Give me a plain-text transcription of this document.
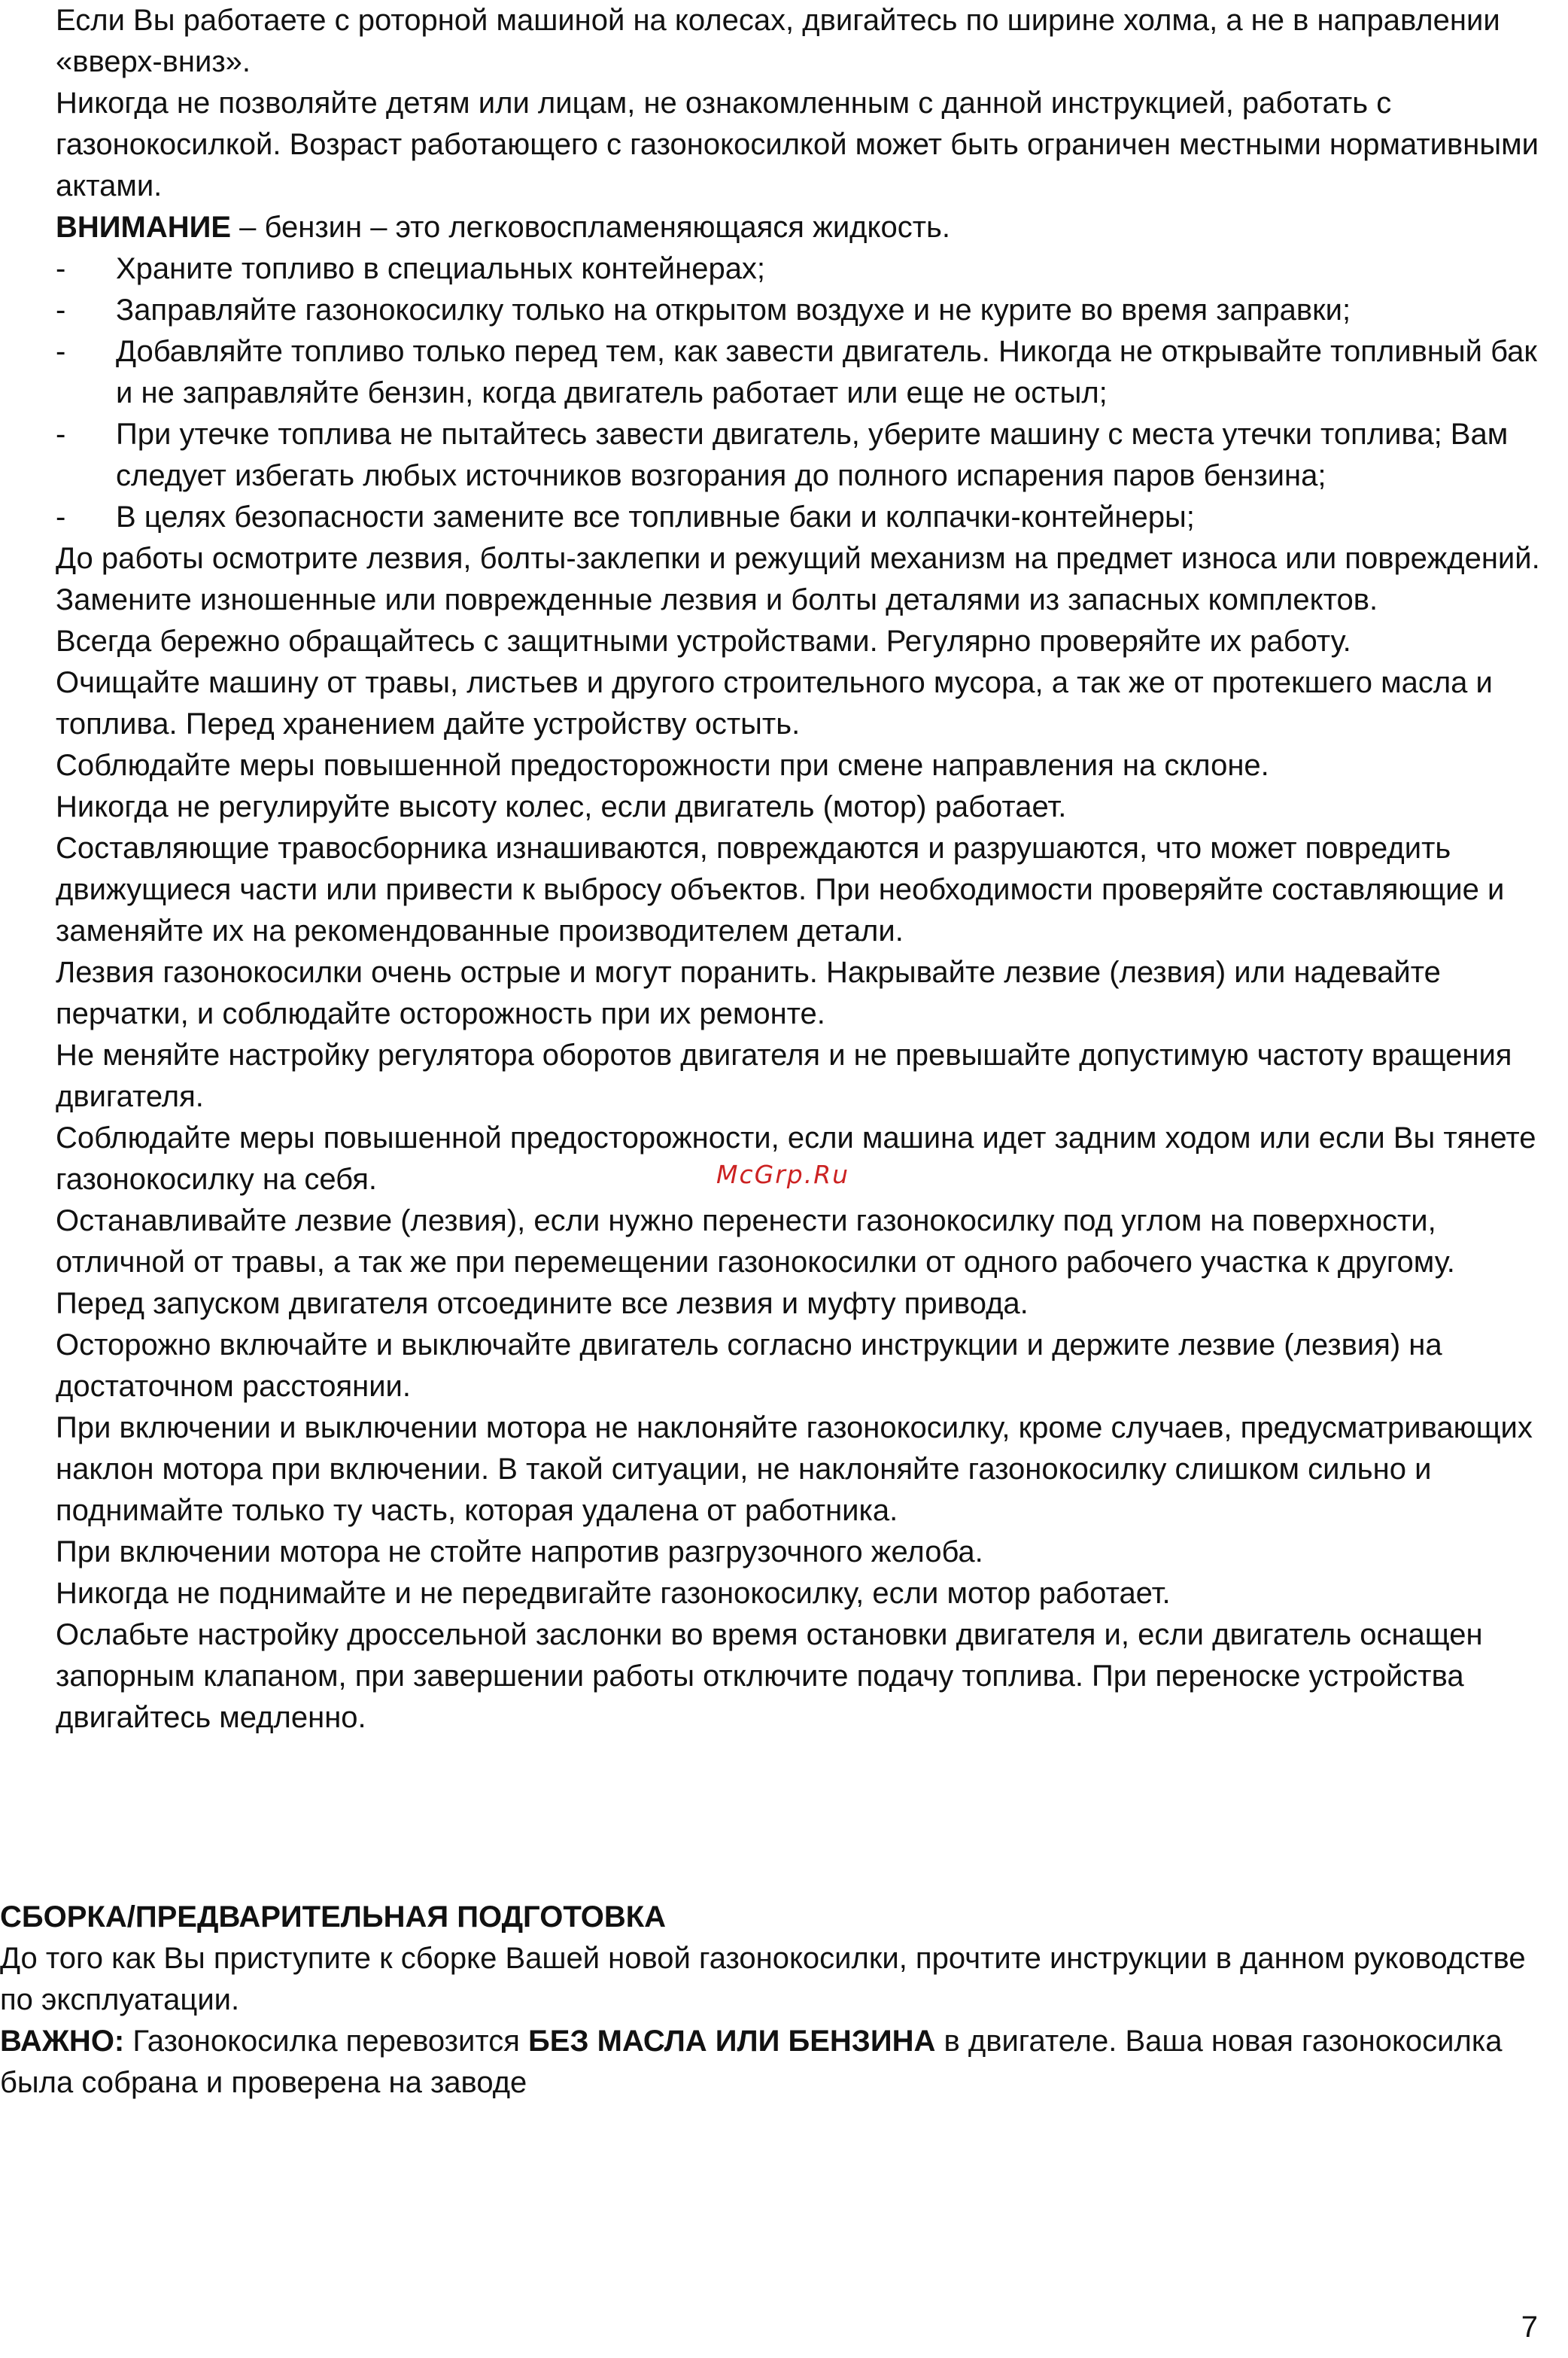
Если Вы работаете с роторной машиной на колесах, двигайтесь по ширине холма, а не в направлении «вверх-вниз».

Никогда не позволяйте детям или лицам, не ознакомленным с данной инструкцией, работать с газонокосилкой. Возраст работающего с газонокосилкой может быть ограничен местными нормативными актами.

ВНИМАНИЕ – бензин – это легковоспламеняющаяся жидкость.

-	Храните топливо в специальных контейнерах;
-	Заправляйте газонокосилку только на открытом воздухе и не курите во время заправки;
-	Добавляйте топливо только перед тем, как завести двигатель. Никогда не открывайте топливный бак и не заправляйте бензин, когда двигатель работает или еще не остыл;
-	При утечке топлива не пытайтесь завести двигатель, уберите машину с места утечки топлива; Вам следует избегать любых источников возгорания до полного испарения паров бензина;
-	В целях безопасности замените все топливные баки и колпачки-контейнеры;

До работы осмотрите лезвия, болты-заклепки и режущий механизм на предмет износа или повреждений. Замените изношенные или поврежденные лезвия и болты деталями из запасных комплектов.

Всегда бережно обращайтесь с защитными устройствами. Регулярно проверяйте их работу.

Очищайте машину от травы, листьев и другого строительного мусора, а так же от протекшего масла и топлива. Перед хранением дайте устройству остыть.

Соблюдайте меры повышенной предосторожности при смене направления на склоне.

Никогда не регулируйте высоту колес, если двигатель (мотор) работает.

Составляющие травосборника изнашиваются, повреждаются и разрушаются, что может повредить движущиеся части или привести к выбросу объектов. При необходимости проверяйте составляющие и заменяйте их на рекомендованные производителем детали.

Лезвия газонокосилки очень острые и могут поранить. Накрывайте лезвие (лезвия) или надевайте перчатки, и соблюдайте осторожность при их ремонте.

Не меняйте настройку регулятора оборотов двигателя и не превышайте допустимую частоту вращения двигателя.

Соблюдайте меры повышенной предосторожности, если машина идет задним ходом или если Вы тянете газонокосилку на себя.

Останавливайте лезвие (лезвия), если нужно перенести газонокосилку под углом на поверхности, отличной от травы, а так же при перемещении газонокосилки от одного рабочего участка к другому.

Перед запуском двигателя отсоедините все лезвия и муфту привода.

Осторожно включайте и выключайте двигатель согласно инструкции и держите лезвие (лезвия) на достаточном расстоянии.

При включении и выключении мотора не наклоняйте газонокосилку, кроме случаев, предусматривающих наклон мотора при включении. В такой ситуации, не наклоняйте газонокосилку слишком сильно и поднимайте только ту часть, которая удалена от работника.

При включении мотора не стойте напротив разгрузочного желоба.

Никогда не поднимайте и не передвигайте газонокосилку, если мотор работает.

Ослабьте настройку дроссельной заслонки во время остановки двигателя и, если двигатель оснащен запорным клапаном, при завершении работы отключите подачу топлива. При переноске устройства двигайтесь медленно.

СБОРКА/ПРЕДВАРИТЕЛЬНАЯ ПОДГОТОВКА

До того как Вы приступите к сборке Вашей новой газонокосилки, прочтите инструкции в данном руководстве по эксплуатации.

ВАЖНО: Газонокосилка перевозится БЕЗ МАСЛА ИЛИ БЕНЗИНА в двигателе. Ваша новая газонокосилка была собрана и проверена на заводе

McGrp.Ru
7
